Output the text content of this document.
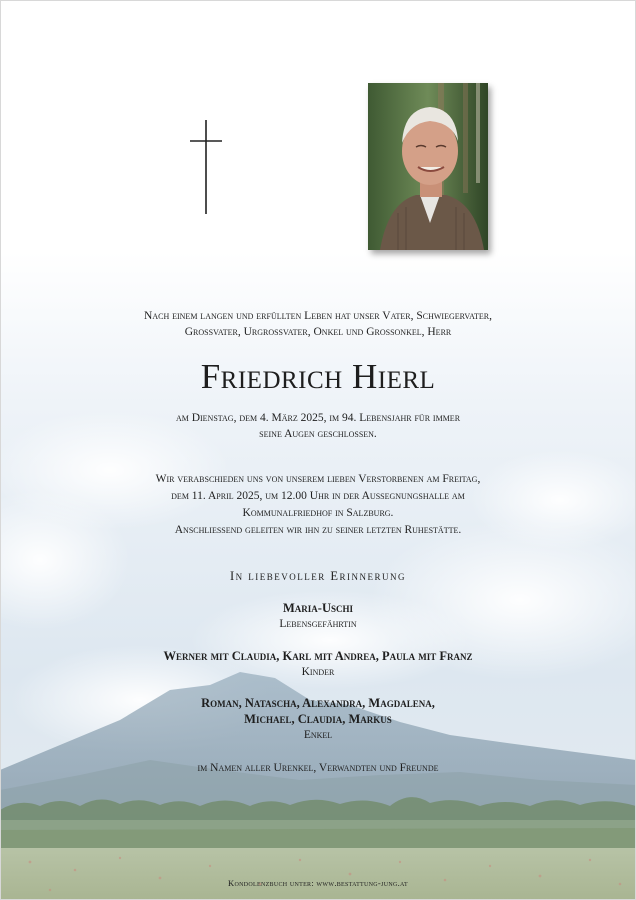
Nach einem langen und erfüllten Leben hat unser Vater, Schwiegervater,
Grossvater, Urgrossvater, Onkel und Grossonkel, Herr
Friedrich Hierl
am Dienstag, dem 4. März 2025, im 94. Lebensjahr für immer
seine Augen geschlossen.
Wir verabschieden uns von unserem lieben Verstorbenen am Freitag,
dem 11. April 2025, um 12.00 Uhr in der Aussegnungshalle am
Kommunalfriedhof in Salzburg.
Anschliessend geleiten wir ihn zu seiner letzten Ruhestätte.
In liebevoller Erinnerung
Maria-Uschi
Lebensgefährtin
Werner mit Claudia, Karl mit Andrea, Paula mit Franz
Kinder
Roman, Natascha, Alexandra, Magdalena,
Michael, Claudia, Markus
Enkel
im Namen aller Urenkel, Verwandten und Freunde
Kondolenzbuch unter: www.bestattung-jung.at
